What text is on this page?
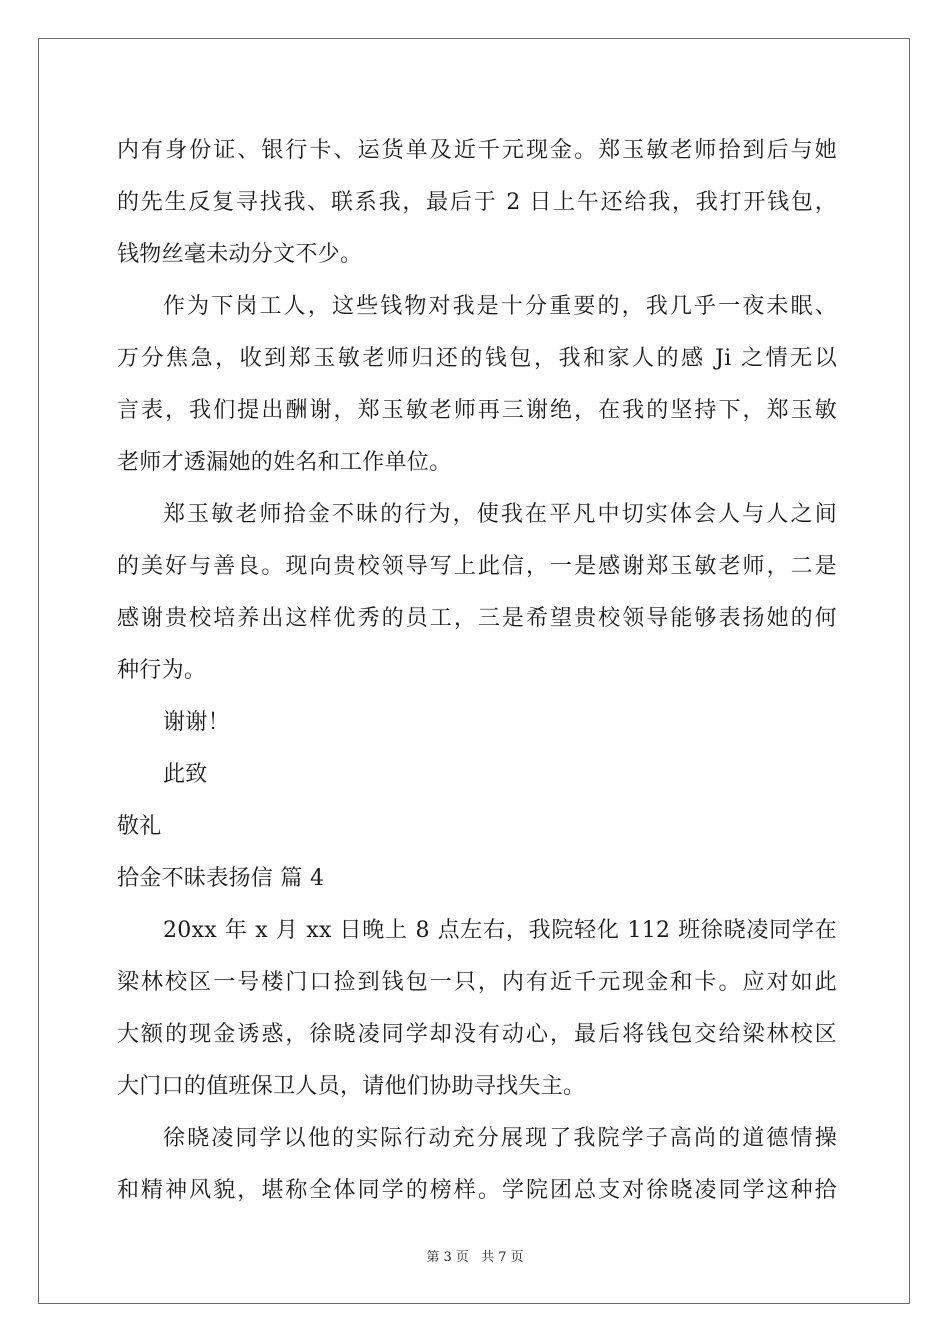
内有身份证、银行卡、运货单及近千元现金。郑玉敏老师拾到后与她
的先生反复寻找我、联系我，最后于 2 日上午还给我，我打开钱包，
钱物丝毫未动分文不少。
作为下岗工人，这些钱物对我是十分重要的，我几乎一夜未眠、
万分焦急，收到郑玉敏老师归还的钱包，我和家人的感 Ji 之情无以
言表，我们提出酬谢，郑玉敏老师再三谢绝，在我的坚持下，郑玉敏
老师才透漏她的姓名和工作单位。
郑玉敏老师拾金不昧的行为，使我在平凡中切实体会人与人之间
的美好与善良。现向贵校领导写上此信，一是感谢郑玉敏老师，二是
感谢贵校培养出这样优秀的员工，三是希望贵校领导能够表扬她的何
种行为。
谢谢！
此致
敬礼
拾金不昧表扬信 篇 4
20xx 年 x 月 xx 日晚上 8 点左右，我院轻化 112 班徐晓凌同学在
梁林校区一号楼门口捡到钱包一只，内有近千元现金和卡。应对如此
大额的现金诱惑，徐晓凌同学却没有动心，最后将钱包交给梁林校区
大门口的值班保卫人员，请他们协助寻找失主。
徐晓凌同学以他的实际行动充分展现了我院学子高尚的道德情操
和精神风貌，堪称全体同学的榜样。学院团总支对徐晓凌同学这种拾
第 3 页 共 7 页
